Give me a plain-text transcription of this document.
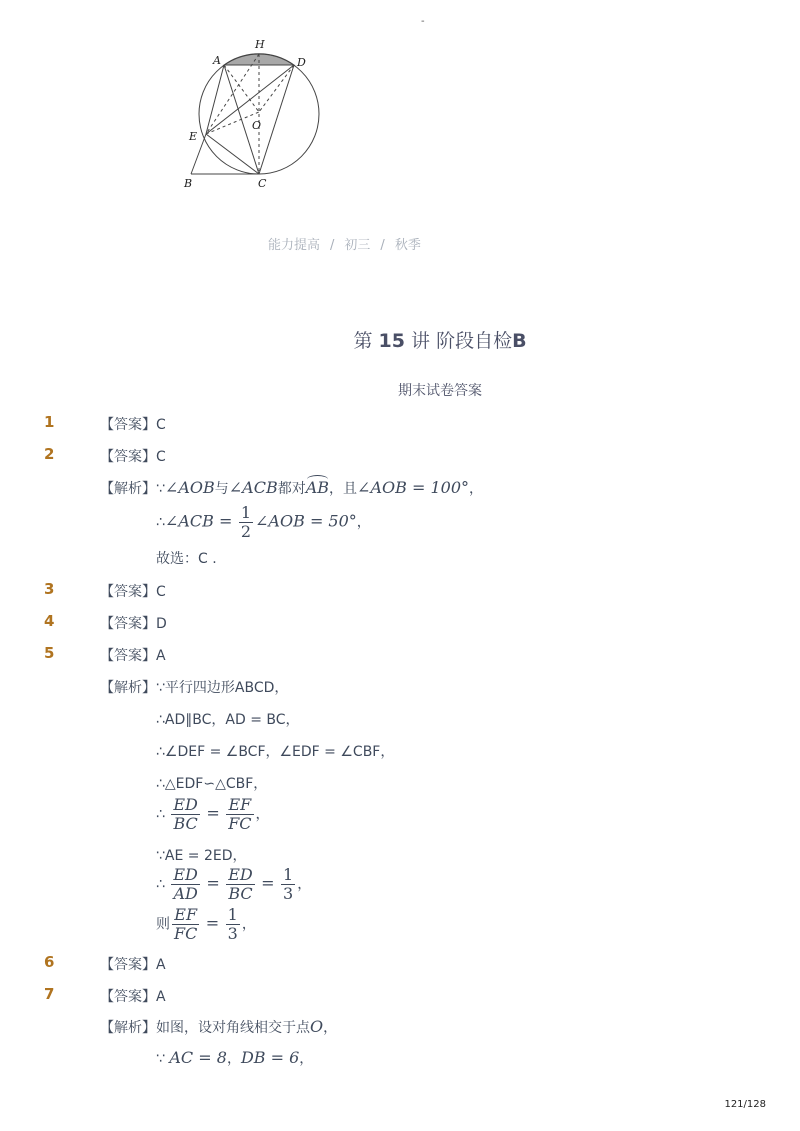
-
H
A	D
O
E
B	C
能力提高 / 初三 / 秋季
第 15 讲 阶段自检B
期末试卷答案
1	【答案】C
2	【答案】C
【解析】∵∠AOB与∠ACB都对AB，且∠AOB = 100°，
∴∠ACB = $\frac{1}{2}$ ∠AOB = 50°，
故选：C .
3	【答案】C
4	【答案】D
5	【答案】A
【解析】∵平行四边形ABCD，
∴AD∥BC，AD = BC，
∴∠DEF = ∠BCF，∠EDF = ∠CBF，
∴△EDF∽△CBF，
∴ $\frac{ED}{BC} = \frac{EF}{FC}$ ，
∵AE = 2ED，
∴ $\frac{ED}{AD} = \frac{ED}{BC} = \frac{1}{3}$ ，
则 $\frac{EF}{FC} = \frac{1}{3}$ ，
6	【答案】A
7	【答案】A
【解析】如图，设对角线相交于点O，
∵ AC = 8，DB = 6，
121/128
